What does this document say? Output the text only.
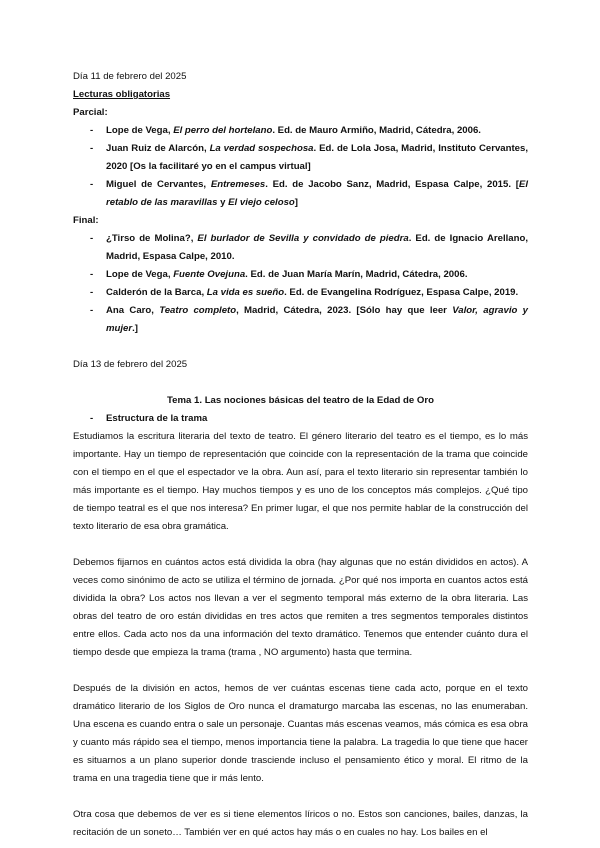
Día 11 de febrero del 2025

Lecturas obligatorias

Parcial:

- Lope de Vega, El perro del hortelano. Ed. de Mauro Armiño, Madrid, Cátedra, 2006.
- Juan Ruiz de Alarcón, La verdad sospechosa. Ed. de Lola Josa, Madrid, Instituto Cervantes, 2020 [Os la facilitaré yo en el campus virtual]
- Miguel de Cervantes, Entremeses. Ed. de Jacobo Sanz, Madrid, Espasa Calpe, 2015. [El retablo de las maravillas y El viejo celoso]

Final:

- ¿Tirso de Molina?, El burlador de Sevilla y convidado de piedra. Ed. de Ignacio Arellano, Madrid, Espasa Calpe, 2010.
- Lope de Vega, Fuente Ovejuna. Ed. de Juan María Marín, Madrid, Cátedra, 2006.
- Calderón de la Barca, La vida es sueño. Ed. de Evangelina Rodríguez, Espasa Calpe, 2019.
- Ana Caro, Teatro completo, Madrid, Cátedra, 2023. [Sólo hay que leer Valor, agravio y mujer.]

Día 13 de febrero del 2025

Tema 1. Las nociones básicas del teatro de la Edad de Oro

- Estructura de la trama

Estudiamos la escritura literaria del texto de teatro. El género literario del teatro es el tiempo, es lo más importante. Hay un tiempo de representación que coincide con la representación de la trama que coincide con el tiempo en el que el espectador ve la obra. Aun así, para el texto literario sin representar también lo más importante es el tiempo. Hay muchos tiempos y es uno de los conceptos más complejos. ¿Qué tipo de tiempo teatral es el que nos interesa? En primer lugar, el que nos permite hablar de la construcción del texto literario de esa obra gramática.

Debemos fijarnos en cuántos actos está dividida la obra (hay algunas que no están divididos en actos). A veces como sinónimo de acto se utiliza el término de jornada. ¿Por qué nos importa en cuantos actos está dividida la obra? Los actos nos llevan a ver el segmento temporal más externo de la obra literaria. Las obras del teatro de oro están divididas en tres actos que remiten a tres segmentos temporales distintos entre ellos. Cada acto nos da una información del texto dramático. Tenemos que entender cuánto dura el tiempo desde que empieza la trama (trama , NO argumento) hasta que termina.

Después de la división en actos, hemos de ver cuántas escenas tiene cada acto, porque en el texto dramático literario de los Siglos de Oro nunca el dramaturgo marcaba las escenas, no las enumeraban. Una escena es cuando entra o sale un personaje. Cuantas más escenas veamos, más cómica es esa obra y cuanto más rápido sea el tiempo, menos importancia tiene la palabra. La tragedia lo que tiene que hacer es situarnos a un plano superior donde trasciende incluso el pensamiento ético y moral. El ritmo de la trama en una tragedia tiene que ir más lento.

Otra cosa que debemos de ver es si tiene elementos líricos o no. Estos son canciones, bailes, danzas, la recitación de un soneto… También ver en qué actos hay más o en cuales no hay. Los bailes en el
